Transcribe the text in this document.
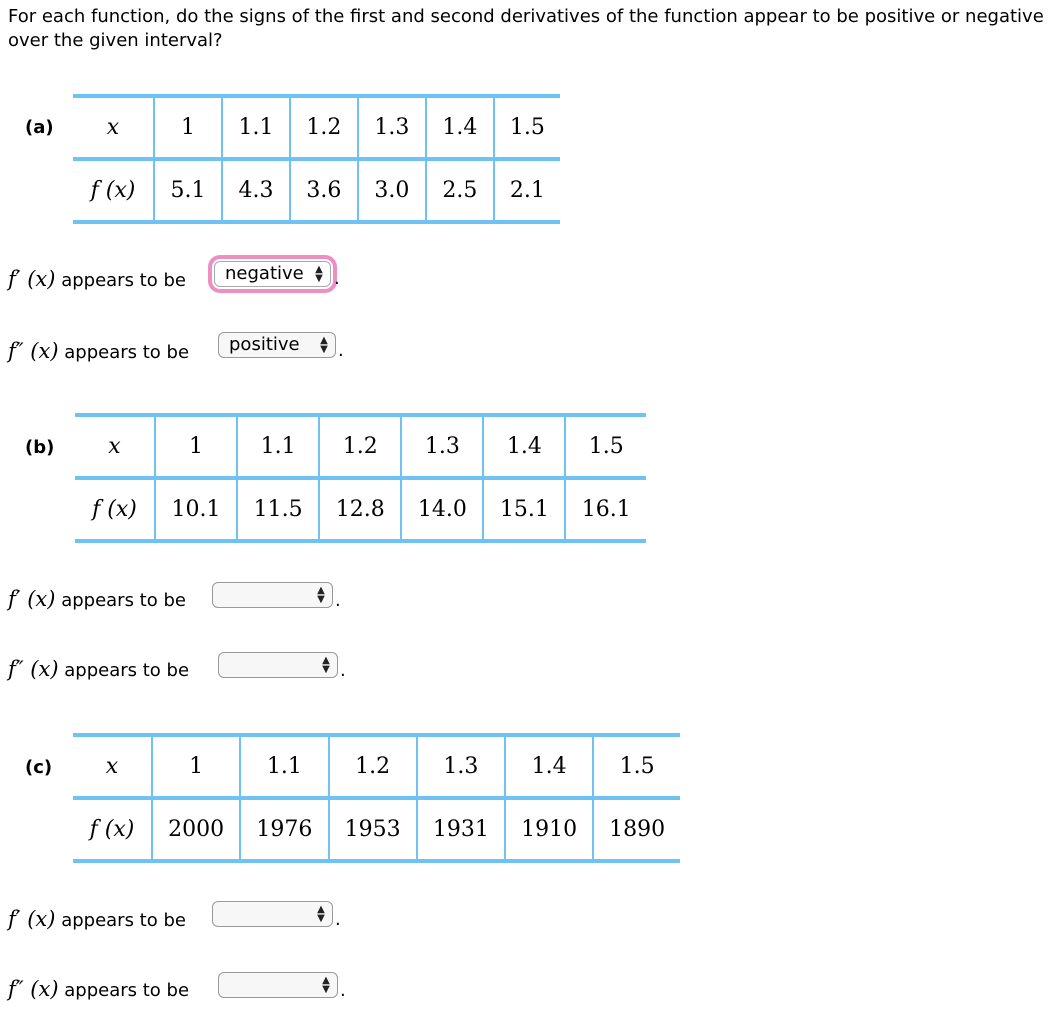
For each function, do the signs of the first and second derivatives of the function appear to be positive or negative over the given interval?
(a) x	1	1.1	1.2	1.3	1.4	1.5
f (x)	5.1	4.3	3.6	3.0	2.5	2.1
f′ (x) appears to be negative ▲
▼ .
f″ (x) appears to be positive ▲
▼ .
(b) x	1	1.1	1.2	1.3	1.4	1.5
f (x)	10.1	11.5	12.8	14.0	15.1	16.1
f′ (x) appears to be	▲
▼ .
f″ (x) appears to be	▲
▼ .
(c) x	1	1.1	1.2	1.3	1.4	1.5
f (x)	2000	1976	1953	1931	1910	1890
f′ (x) appears to be
▲
▼ .
f″ (x) appears to be	▲
▼ .
